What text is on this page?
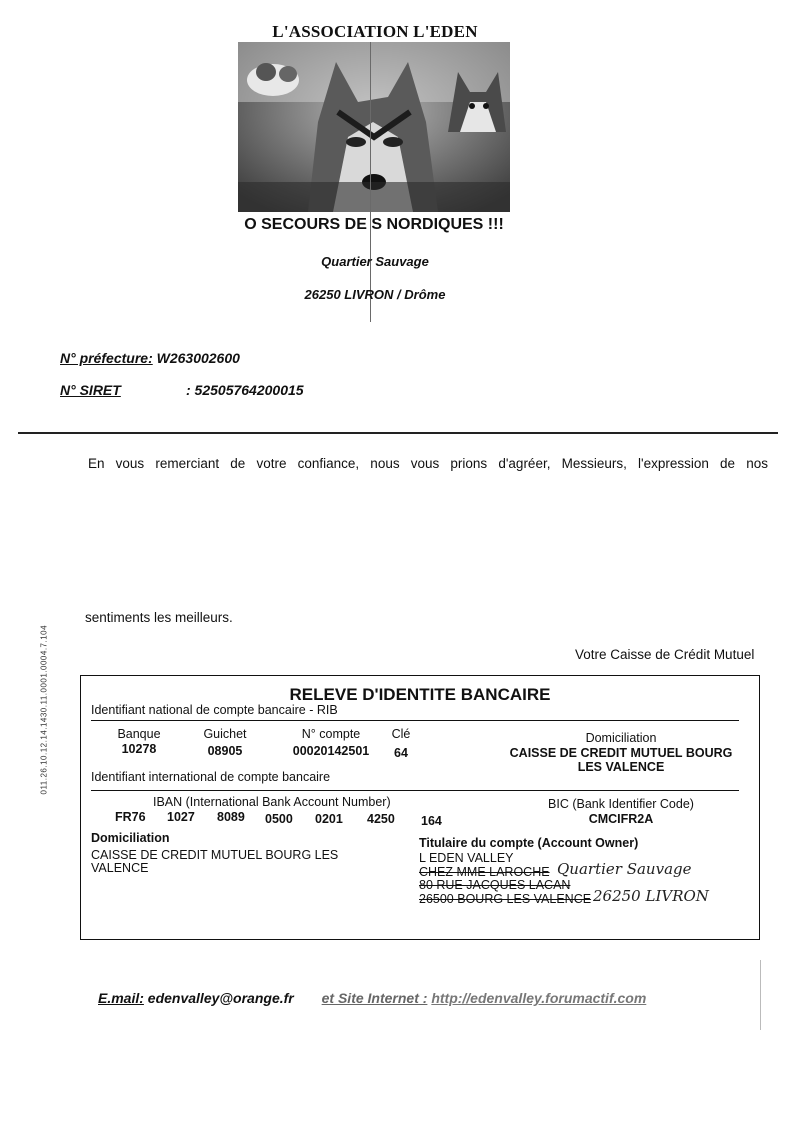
L'ASSOCIATION L'EDEN
O SECOURS DE S NORDIQUES !!!
Quartier Sauvage
26250 LIVRON / Drôme
N° préfecture: W263002600
N° SIRET	: 52505764200015
En vous remerciant de votre confiance, nous vous prions d'agréer, Messieurs, l'expression de nos
sentiments les meilleurs.
Votre Caisse de Crédit Mutuel
RELEVE D'IDENTITE BANCAIRE
Identifiant national de compte bancaire - RIB
Banque	Guichet	N° compte	Clé	Domiciliation
10278	08905	00020142501	64	CAISSE DE CREDIT MUTUEL BOURG
LES VALENCE
Identifiant international de compte bancaire
IBAN (International Bank Account Number)	BIC (Bank Identifier Code)
FR76 1027 8089 0500 0201 4250 164	CMCIFR2A
Domiciliation
CAISSE DE CREDIT MUTUEL BOURG LES
VALENCE
Titulaire du compte (Account Owner)
L EDEN VALLEY
CHEZ MME LAROCHE
80 RUE JACQUES LACAN
26500 BOURG LES VALENCE
Quartier Sauvage
26250 LIVRON
E.mail: edenvalley@orange.fr et Site Internet : http://edenvalley.forumactif.com
011.26.10.12.14.1430.11.0001.0004.7.104
